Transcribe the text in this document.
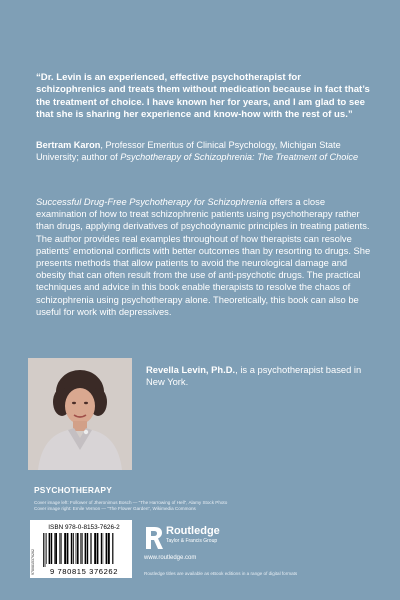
“Dr. Levin is an experienced, effective psychotherapist for schizophrenics and treats them without medication because in fact that’s the treatment of choice. I have known her for years, and I am glad to see that she is sharing her experience and know-how with the rest of us.”
Bertram Karon, Professor Emeritus of Clinical Psychology, Michigan State University; author of Psychotherapy of Schizophrenia: The Treatment of Choice
Successful Drug-Free Psychotherapy for Schizophrenia offers a close examination of how to treat schizophrenic patients using psychotherapy rather than drugs, applying derivatives of psychodynamic principles in treating patients. The author provides real examples throughout of how therapists can resolve patients’ emotional conflicts with better outcomes than by resorting to drugs. She presents methods that allow patients to avoid the neurological damage and obesity that can often result from the use of anti-psychotic drugs. The practical techniques and advice in this book enable therapists to resolve the chaos of schizophrenia using psychotherapy alone. Theoretically, this book can also be useful for work with depressives.
Revella Levin, Ph.D., is a psychotherapist based in New York.
PSYCHOTHERAPY
Cover image left: Follower of Jheronimus Bosch — “The Harrowing of Hell”, Alamy Stock Photo
Cover image right: Emile Vernon — “The Flower Garden”, Wikimedia Commons
9780815376262
ISBN 978-0-8153-7626-2
9 780815 376262
Routledge
Taylor & Francis Group
www.routledge.com
Routledge titles are available as eBook editions in a range of digital formats
